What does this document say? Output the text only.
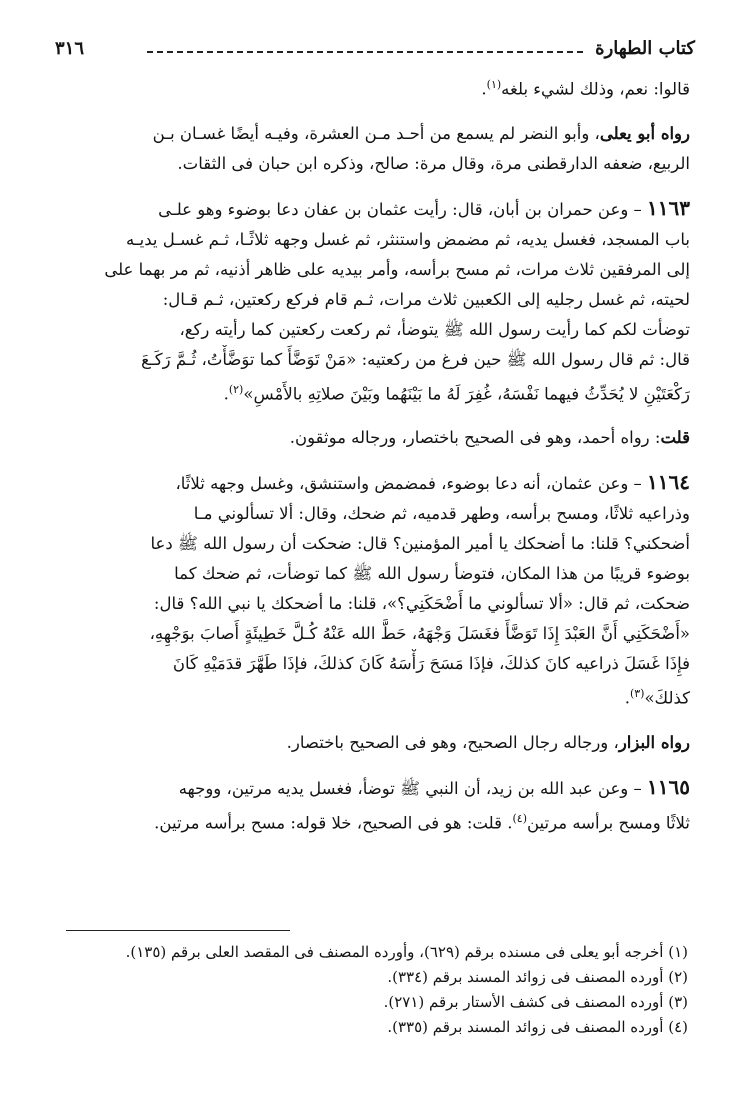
كتاب الطهارة
٣١٦

قالوا: نعم، وذلك لشيء بلغه$^{(١)}$.

رواه أبو يعلى، وأبو النضر لم يسمع من أحـد مـن العشرة، وفيـه أيضًا غسـان بـن
الربيع، ضعفه الدارقطنى مرة، وقال مرة: صالح، وذكره ابن حبان فى الثقات.

١١٦٣ – وعن حمران بن أبان، قال: رأيت عثمان بن عفان دعا بوضوء وهو علـى
باب المسجد، فغسل يديه، ثم مضمض واستنثر، ثم غسل وجهه ثلاثًـا، ثـم غسـل يديـه
إلى المرفقين ثلاث مرات، ثم مسح برأسه، وأمر بيديه على ظاهر أذنيه، ثم مر بهما على
لحيته، ثم غسل رجليه إلى الكعبين ثلاث مرات، ثـم قام فركع ركعتين، ثـم قـال:
توضأت لكم كما رأيت رسول الله ﷺ يتوضأ، ثم ركعت ركعتين كما رأيته ركع،
قال: ثم قال رسول الله ﷺ حين فرغ من ركعتيه: «مَنْ تَوَضَّأَ كما توَضَّأْتُ، ثُـمَّ رَكَـعَ
رَكْعَتَيْنِ لا يُحَدِّثُ فيهما نَفْسَهُ، غُفِرَ لَهُ ما بَيْنَهُما وبَيْنَ صلاتِهِ بالأَمْسِ»$^{(٢)}$.

قلت: رواه أحمد، وهو فى الصحيح باختصار، ورجاله موثقون.

١١٦٤ – وعن عثمان، أنه دعا بوضوء، فمضمض واستنشق، وغسل وجهه ثلاثًا،
وذراعيه ثلاثًا، ومسح برأسه، وطهر قدميه، ثم ضحك، وقال: ألا تسألوني مـا
أضحكني؟ قلنا: ما أضحكك يا أمير المؤمنين؟ قال: ضحكت أن رسول الله ﷺ دعا
بوضوء قريبًا من هذا المكان، فتوضأ رسول الله ﷺ كما توضأت، ثم ضحك كما
ضحكت، ثم قال: «ألا تسألوني ما أَضْحَكَنِي؟»، قلنا: ما أضحكك يا نبي الله؟ قال:
«أَضْحَكَنِي أَنَّ العَبْدَ إِذَا تَوَضَّأَ فغَسَلَ وَجْهَهُ، حَطَّ الله عَنْهُ كُـلَّ خَطِيئَةٍ أَصابَ بوَجْهِهِ،
فإِذَا غَسَلَ ذراعيه كانَ كذلكَ، فإذَا مَسَحَ رَأْسَهُ كَانَ كذلكَ، فإذَا طَهَّرَ قدَمَيْهِ كَانَ
كذلكَ»$^{(٣)}$.

رواه البزار، ورجاله رجال الصحيح، وهو فى الصحيح باختصار.

١١٦٥ – وعن عبد الله بن زيد، أن النبي ﷺ توضأ، فغسل يديه مرتين، ووجهه
ثلاثًا ومسح برأسه مرتين$^{(٤)}$. قلت: هو فى الصحيح، خلا قوله: مسح برأسه مرتين.

(١) أخرجه أبو يعلى فى مسنده برقم (٦٢٩)، وأورده المصنف فى المقصد العلى برقم (١٣٥).
(٢) أورده المصنف فى زوائد المسند برقم (٣٣٤).
(٣) أورده المصنف فى كشف الأستار برقم (٢٧١).
(٤) أورده المصنف فى زوائد المسند برقم (٣٣٥).
